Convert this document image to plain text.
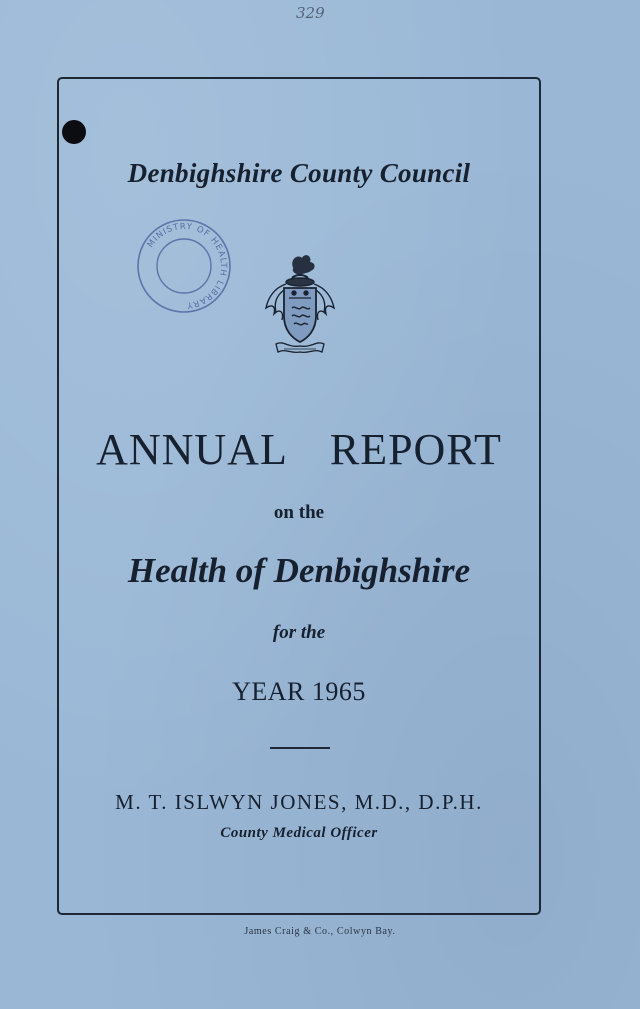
329
Denbighshire County Council
MINISTRY OF HEALTH LIBRARY
ANNUAL REPORT
on the
Health of Denbighshire
for the
YEAR 1965
M. T. ISLWYN JONES, M.D., D.P.H.
County Medical Officer
James Craig & Co., Colwyn Bay.
